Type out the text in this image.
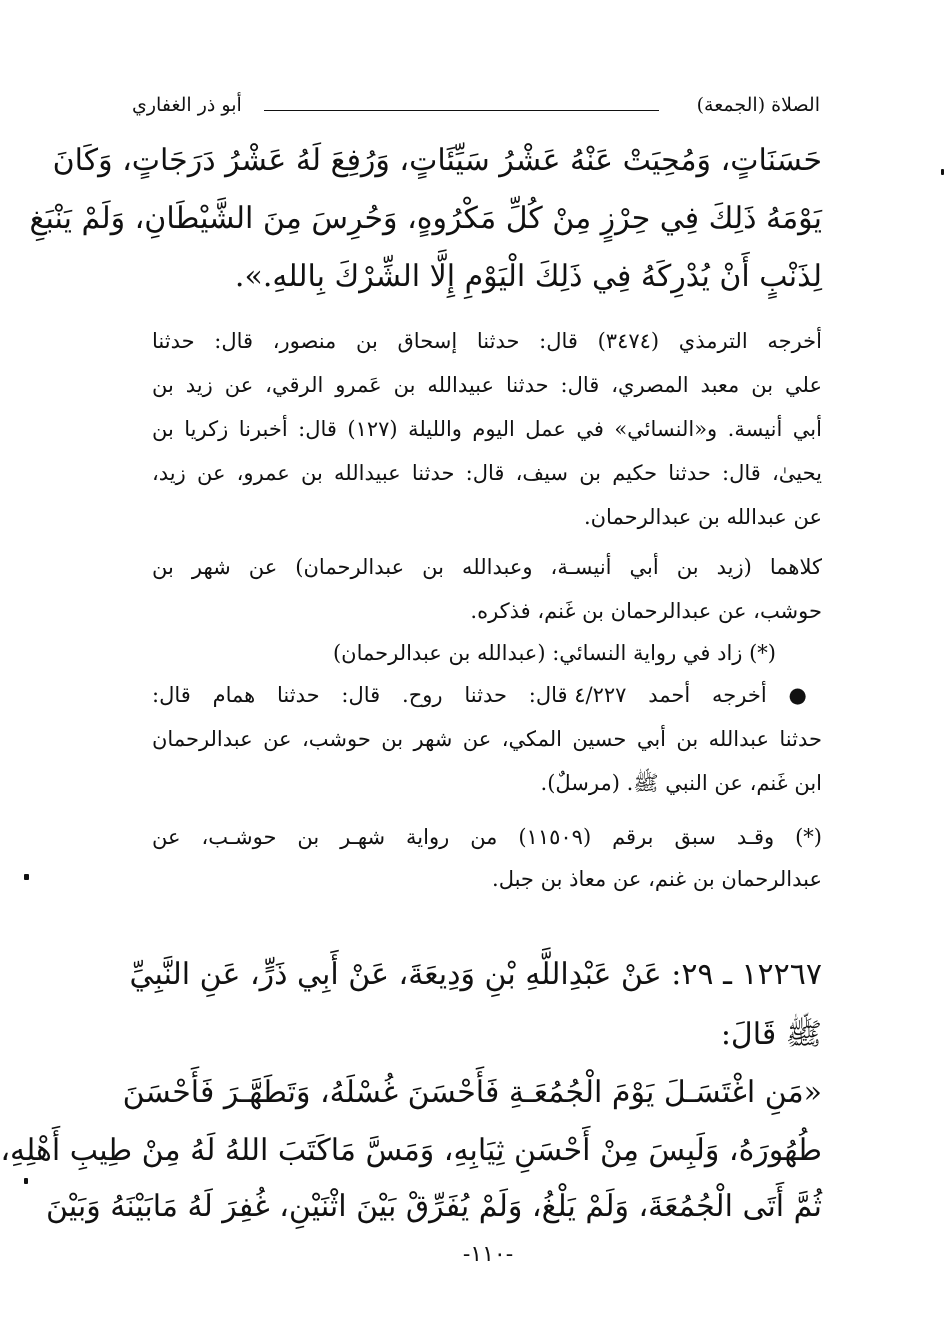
الصلاة (الجمعة)
أبو ذر الغفاري
حَسَنَاتٍ، وَمُحِيَتْ عَنْهُ عَشْرُ سَيِّئَاتٍ، وَرُفِعَ لَهُ عَشْرُ دَرَجَاتٍ، وَكَانَ
يَوْمَهُ ذَلِكَ فِي حِرْزٍ مِنْ كُلِّ مَكْرُوهٍ، وَحُرِسَ مِنَ الشَّيْطَانِ، وَلَمْ يَنْبَغِ
لِذَنْبٍ أَنْ يُدْرِكَهُ فِي ذَلِكَ الْيَوْمِ إِلَّا الشِّرْكَ بِاللهِ.».
أخرجه الترمذي (٣٤٧٤) قال: حدثنا إسحاق بن منصور، قال: حدثنا
علي بن معبد المصري، قال: حدثنا عبيدالله بن عَمرو الرقي، عن زيد بن
أبي أنيسة. و«النسائي» في عمل اليوم والليلة (١٢٧) قال: أخبرنا زكريا بن
يحيىٰ، قال: حدثنا حكيم بن سيف، قال: حدثنا عبيدالله بن عمرو، عن زيد،
عن عبدالله بن عبدالرحمان.
كلاهما (زيد بن أبي أنيسـة، وعبدالله بن عبدالرحمان) عن شهر بن
حوشب، عن عبدالرحمان بن غَنم، فذكره.
(*) زاد في رواية النسائي: (عبدالله بن عبدالرحمان)
● أخرجه أحمد ٤/٢٢٧ قال: حدثنا روح. قال: حدثنا همام قال:
حدثنا عبدالله بن أبي حسين المكي، عن شهر بن حوشب، عن عبدالرحمان
ابن غَنم، عن النبي ﷺ. (مرسلٌ).
(*) وقـد سبق برقم (١١٥٠٩) من رواية شهـر بن حوشـب، عن
عبدالرحمان بن غنم، عن معاذ بن جبل.
١٢٢٦٧ ـ ٢٩: عَنْ عَبْدِاللَّهِ بْنِ وَدِيعَةَ، عَنْ أَبِي ذَرٍّ، عَنِ النَّبِيِّ
ﷺ قَالَ:
«مَنِ اغْتَسَـلَ يَوْمَ الْجُمُعَـةِ فَأَحْسَنَ غُسْلَهُ، وَتَطَهَّـرَ فَأَحْسَنَ
طُهُورَهُ، وَلَبِسَ مِنْ أَحْسَنِ ثِيَابِهِ، وَمَسَّ مَاكَتَبَ اللهُ لَهُ مِنْ طِيبِ أَهْلِهِ،
ثُمَّ أَتَى الْجُمُعَةَ، وَلَمْ يَلْغُ، وَلَمْ يُفَرِّقْ بَيْنَ اثْنَيْنِ، غُفِرَ لَهُ مَابَيْنَهُ وَبَيْنَ
-١١٠-
